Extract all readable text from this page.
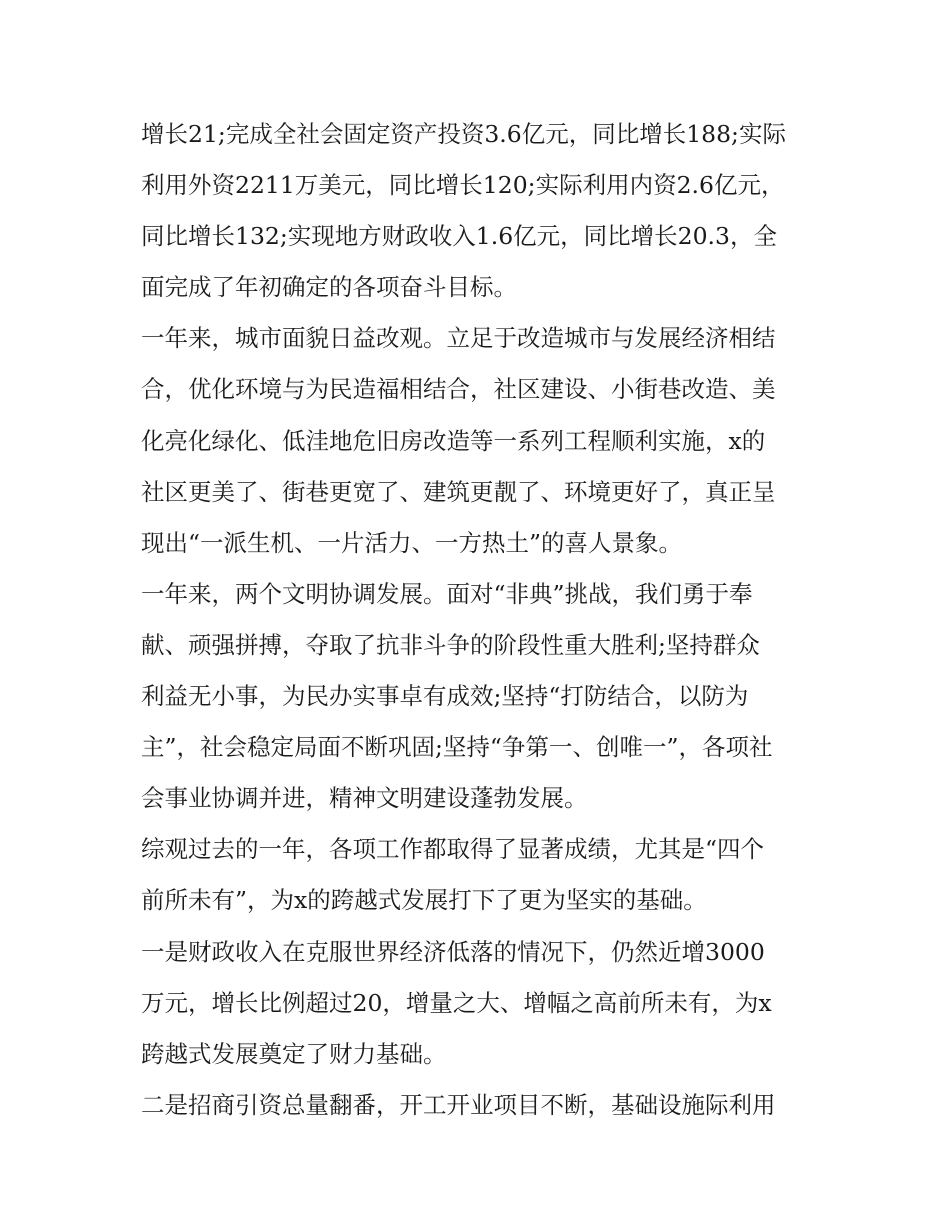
增长21;完成全社会固定资产投资3.6亿元，同比增长188;实际
利用外资2211万美元，同比增长120;实际利用内资2.6亿元，
同比增长132;实现地方财政收入1.6亿元，同比增长20.3，全
面完成了年初确定的各项奋斗目标。
一年来，城市面貌日益改观。立足于改造城市与发展经济相结
合，优化环境与为民造福相结合，社区建设、小街巷改造、美
化亮化绿化、低洼地危旧房改造等一系列工程顺利实施，x的
社区更美了、街巷更宽了、建筑更靓了、环境更好了，真正呈
现出“一派生机、一片活力、一方热土”的喜人景象。
一年来，两个文明协调发展。面对“非典”挑战，我们勇于奉
献、顽强拼搏，夺取了抗非斗争的阶段性重大胜利;坚持群众
利益无小事，为民办实事卓有成效;坚持“打防结合，以防为
主”，社会稳定局面不断巩固;坚持“争第一、创唯一”，各项社
会事业协调并进，精神文明建设蓬勃发展。
综观过去的一年，各项工作都取得了显著成绩，尤其是“四个
前所未有”，为x的跨越式发展打下了更为坚实的基础。
一是财政收入在克服世界经济低落的情况下，仍然近增3000
万元，增长比例超过20，增量之大、增幅之高前所未有，为x
跨越式发展奠定了财力基础。
二是招商引资总量翻番，开工开业项目不断，基础设施际利用
